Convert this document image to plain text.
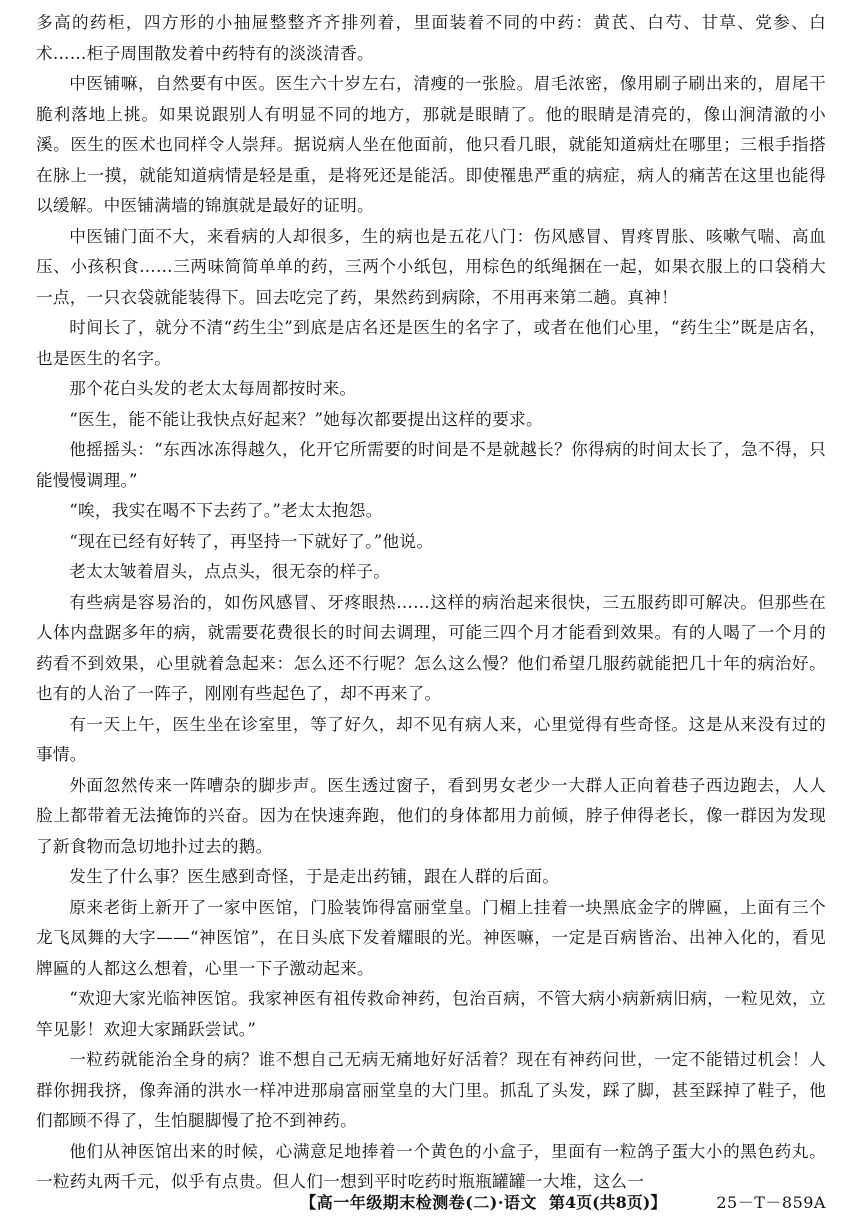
多高的药柜，四方形的小抽屉整整齐齐排列着，里面装着不同的中药：黄芪、白芍、甘草、党参、白术……柜子周围散发着中药特有的淡淡清香。

中医铺嘛，自然要有中医。医生六十岁左右，清瘦的一张脸。眉毛浓密，像用刷子刷出来的，眉尾干脆利落地上挑。如果说跟别人有明显不同的地方，那就是眼睛了。他的眼睛是清亮的，像山涧清澈的小溪。医生的医术也同样令人崇拜。据说病人坐在他面前，他只看几眼，就能知道病灶在哪里；三根手指搭在脉上一摸，就能知道病情是轻是重，是将死还是能活。即使罹患严重的病症，病人的痛苦在这里也能得以缓解。中医铺满墙的锦旗就是最好的证明。

中医铺门面不大，来看病的人却很多，生的病也是五花八门：伤风感冒、胃疼胃胀、咳嗽气喘、高血压、小孩积食……三两味简简单单的药，三两个小纸包，用棕色的纸绳捆在一起，如果衣服上的口袋稍大一点，一只衣袋就能装得下。回去吃完了药，果然药到病除，不用再来第二趟。真神！

时间长了，就分不清“药生尘”到底是店名还是医生的名字了，或者在他们心里，“药生尘”既是店名，也是医生的名字。

那个花白头发的老太太每周都按时来。

“医生，能不能让我快点好起来？”她每次都要提出这样的要求。

他摇摇头：“东西冰冻得越久，化开它所需要的时间是不是就越长？你得病的时间太长了，急不得，只能慢慢调理。”

“唉，我实在喝不下去药了。”老太太抱怨。

“现在已经有好转了，再坚持一下就好了。”他说。

老太太皱着眉头，点点头，很无奈的样子。

有些病是容易治的，如伤风感冒、牙疼眼热……这样的病治起来很快，三五服药即可解决。但那些在人体内盘踞多年的病，就需要花费很长的时间去调理，可能三四个月才能看到效果。有的人喝了一个月的药看不到效果，心里就着急起来：怎么还不行呢？怎么这么慢？他们希望几服药就能把几十年的病治好。也有的人治了一阵子，刚刚有些起色了，却不再来了。

有一天上午，医生坐在诊室里，等了好久，却不见有病人来，心里觉得有些奇怪。这是从来没有过的事情。

外面忽然传来一阵嘈杂的脚步声。医生透过窗子，看到男女老少一大群人正向着巷子西边跑去，人人脸上都带着无法掩饰的兴奋。因为在快速奔跑，他们的身体都用力前倾，脖子伸得老长，像一群因为发现了新食物而急切地扑过去的鹅。

发生了什么事？医生感到奇怪，于是走出药铺，跟在人群的后面。

原来老街上新开了一家中医馆，门脸装饰得富丽堂皇。门楣上挂着一块黑底金字的牌匾，上面有三个龙飞凤舞的大字——“神医馆”，在日头底下发着耀眼的光。神医嘛，一定是百病皆治、出神入化的，看见牌匾的人都这么想着，心里一下子激动起来。

“欢迎大家光临神医馆。我家神医有祖传救命神药，包治百病，不管大病小病新病旧病，一粒见效，立竿见影！欢迎大家踊跃尝试。”

一粒药就能治全身的病？谁不想自己无病无痛地好好活着？现在有神药问世，一定不能错过机会！人群你拥我挤，像奔涌的洪水一样冲进那扇富丽堂皇的大门里。抓乱了头发，踩了脚，甚至踩掉了鞋子，他们都顾不得了，生怕腿脚慢了抢不到神药。

他们从神医馆出来的时候，心满意足地捧着一个黄色的小盒子，里面有一粒鸽子蛋大小的黑色药丸。一粒药丸两千元，似乎有点贵。但人们一想到平时吃药时瓶瓶罐罐一大堆，这么一

【高一年级期末检测卷(二)·语文 第4页(共8页)】	25－T－859A
